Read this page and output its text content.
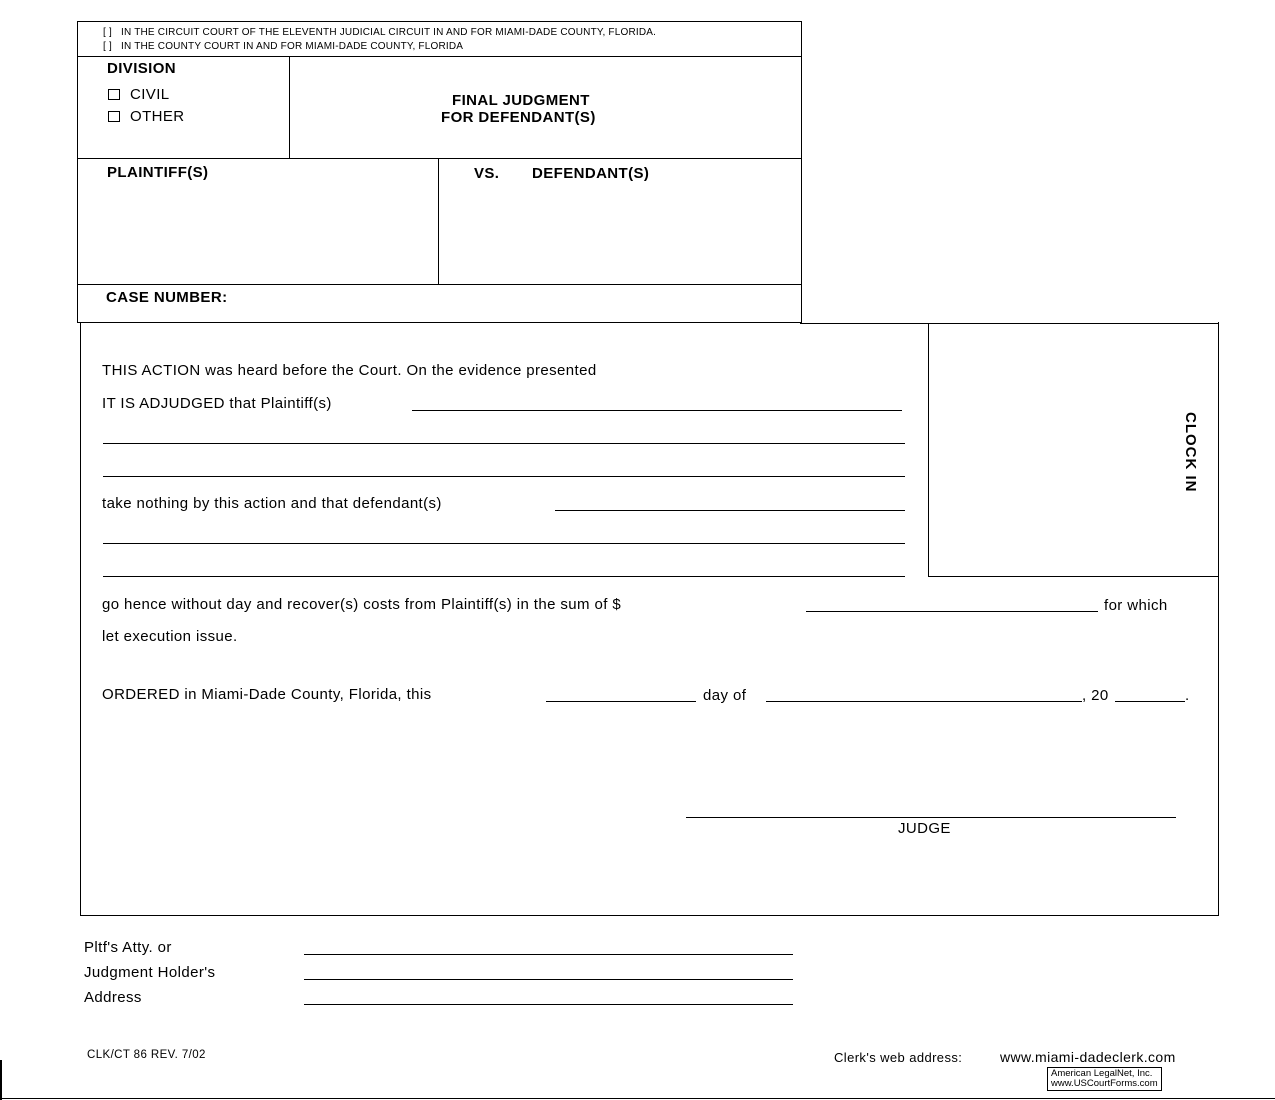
[ ] IN THE CIRCUIT COURT OF THE ELEVENTH JUDICIAL CIRCUIT IN AND FOR MIAMI-DADE COUNTY, FLORIDA.
[ ] IN THE COUNTY COURT IN AND FOR MIAMI-DADE COUNTY, FLORIDA
DIVISION
CIVIL
OTHER
FINAL JUDGMENT
FOR DEFENDANT(S)
PLAINTIFF(S)	VS. DEFENDANT(S)
CASE NUMBER:
CLOCK IN
THIS ACTION was heard before the Court. On the evidence presented
IT IS ADJUDGED that Plaintiff(s)
take nothing by this action and that defendant(s)
go hence without day and recover(s) costs from Plaintiff(s) in the sum of $	for which
let execution issue.
ORDERED in Miami-Dade County, Florida, this	day of	, 20	.
JUDGE
Pltf's Atty. or
Judgment Holder's
Address
CLK/CT 86 REV. 7/02	Clerk's web address:	www.miami-dadeclerk.com
American LegalNet, Inc.
www.USCourtForms.com
